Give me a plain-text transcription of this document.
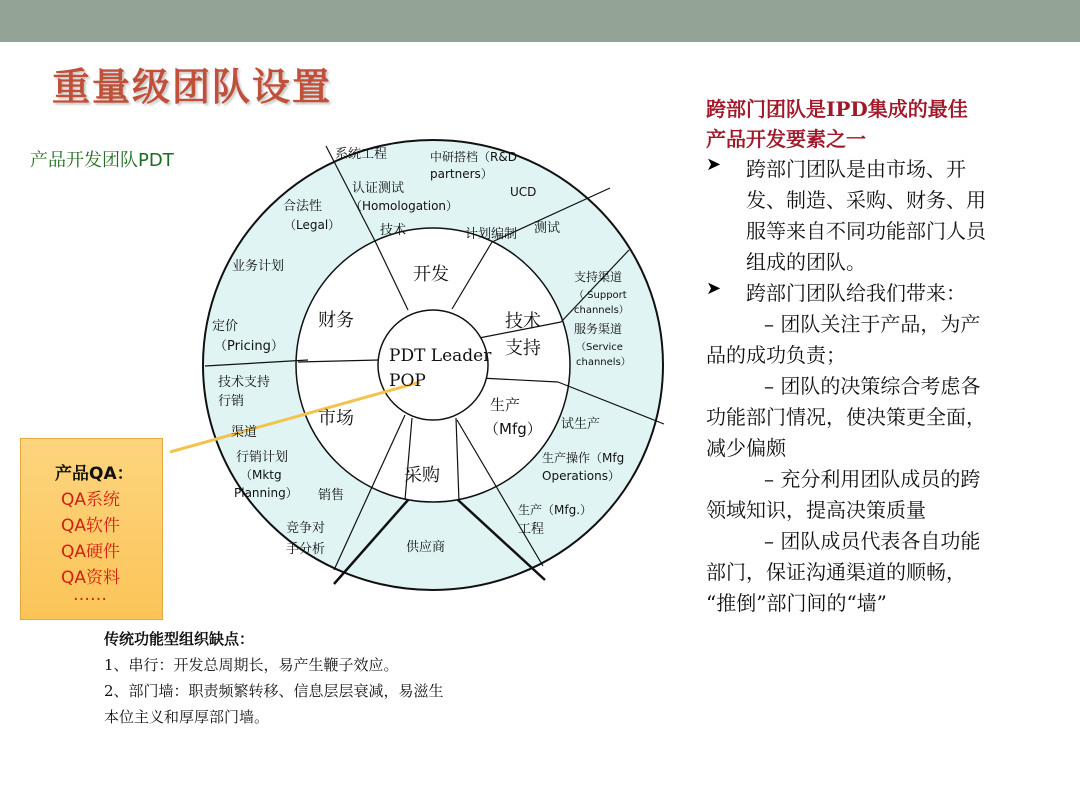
重量级团队设置
产品开发团队PDT
PDT Leader
POP
开发
财务	技术
支持
市场
生产
（Mfg）
采购
系统工程	中研搭档（R&D
partners）
UCD
认证测试
（Homologation）
测试
技术	计划编制
合法性
（Legal）
业务计划
支持渠道
（ Support
channels）
服务渠道
（Service
channels）
定价
（Pricing）
技术支持
行销
渠道
试生产
生产操作（Mfg
Operations）
行销计划
（Mktg
Planning） 销售
生产（Mfg.）
工程
竞争对
手分析	供应商
产品QA：
QA系统
QA软件
QA硬件
QA资料
……
传统功能型组织缺点：
1、串行：开发总周期长，易产生鞭子效应。
2、部门墙：职责频繁转移、信息层层衰减，易滋生
本位主义和厚厚部门墙。
跨部门团队是IPD集成的最佳
产品开发要素之一
➤ 跨部门团队是由市场、开

发、制造、采购、财务、用

服等来自不同功能部门人员

组成的团队。

➤ 跨部门团队给我们带来：

– 团队关注于产品，为产

品的成功负责；

– 团队的决策综合考虑各

功能部门情况，使决策更全面，

减少偏颇

– 充分利用团队成员的跨

领域知识，提高决策质量

– 团队成员代表各自功能

部门，保证沟通渠道的顺畅，

“推倒”部门间的“墙”
